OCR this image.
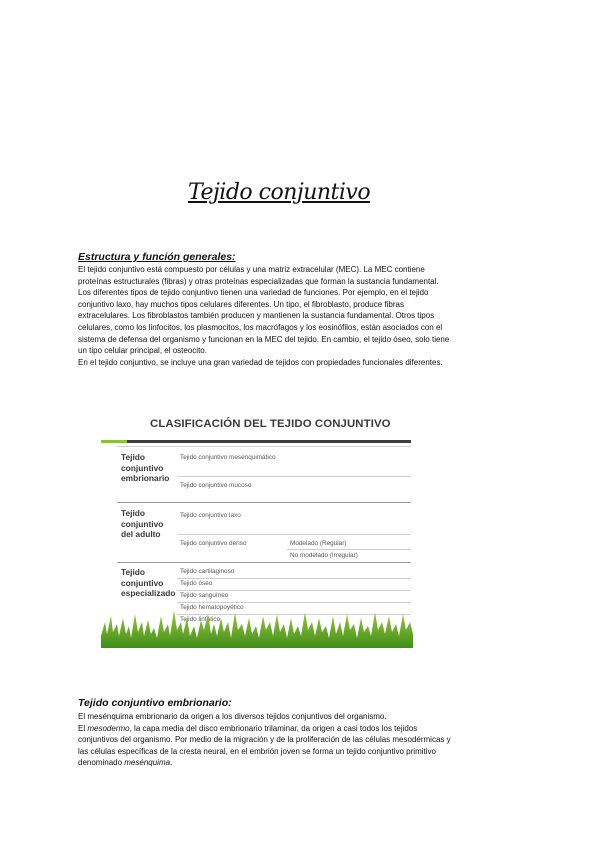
Tejido conjuntivo
Estructura y función generales:

El tejido conjuntivo está compuesto por células y una matriz extracelular (MEC). La MEC contiene proteínas estructurales (fibras) y otras proteínas especializadas que forman la sustancia fundamental.

Los diferentes tipos de tejido conjuntivo tienen una variedad de funciones. Por ejemplo, en el tejido conjuntivo laxo, hay muchos tipos celulares diferentes. Un tipo, el fibroblasto, produce fibras extracelulares. Los fibroblastos también producen y mantienen la sustancia fundamental. Otros tipos celulares, como los linfocitos, los plasmocitos, los macrófagos y los eosinófilos, están asociados con el sistema de defensa del organismo y funcionan en la MEC del tejido. En cambio, el tejido óseo, solo tiene un tipo celular principal, el osteocito.

En el tejido conjuntivo, se incluye una gran variedad de tejidos con propiedades funcionales diferentes.

CLASIFICACIÓN DEL TEJIDO CONJUNTIVO
Tejido conjuntivo embrionario
Tejido conjuntivo mesenquimático
Tejido conjuntivo mucoso
Tejido conjuntivo del adulto
Tejido conjuntivo laxo
Tejido conjuntivo denso	Modelado (Regular)
No modelado (Irregular)
Tejido conjuntivo especializado
Tejido cartilaginoso
Tejido óseo
Tejido sanguíneo
Tejido hematopoyético
Tejido linfático
Tejido conjuntivo embrionario:

El mesénquima embrionario da origen a los diversos tejidos conjuntivos del organismo.

El mesodermo, la capa media del disco embrionario trilaminar, da origen a casi todos los tejidos conjuntivos del organismo. Por medio de la migración y de la proliferación de las células mesodérmicas y las células específicas de la cresta neural, en el embrión joven se forma un tejido conjuntivo primitivo denominado mesénquima.
